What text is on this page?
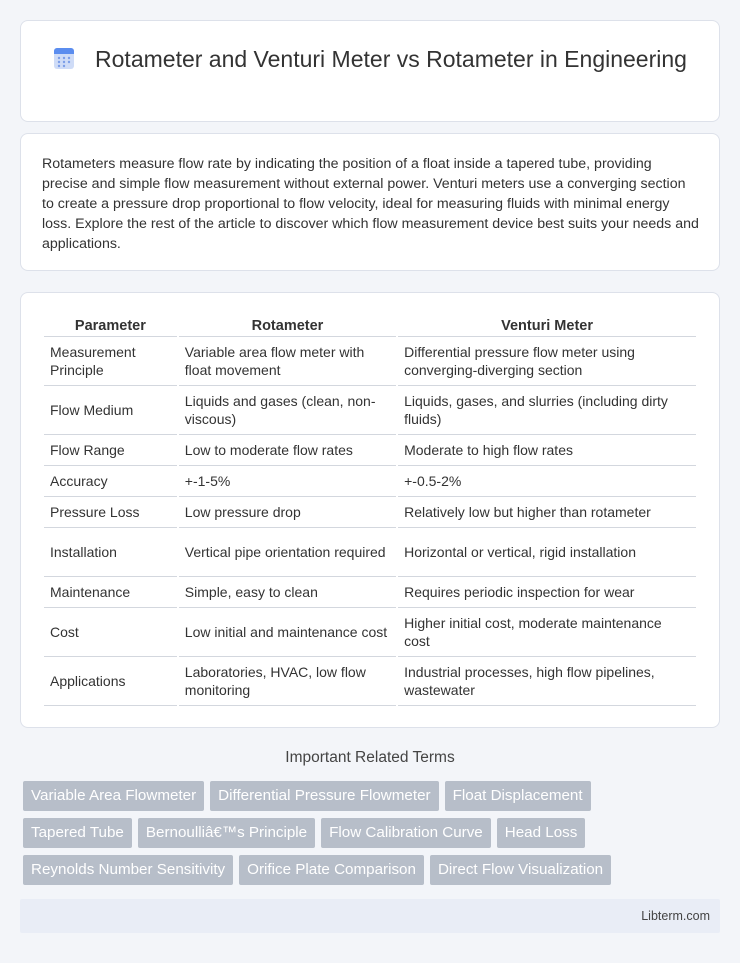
Rotameter and Venturi Meter vs Rotameter in Engineering

Rotameters measure flow rate by indicating the position of a float inside a tapered tube, providing precise and simple flow measurement without external power. Venturi meters use a converging section to create a pressure drop proportional to flow velocity, ideal for measuring fluids with minimal energy loss. Explore the rest of the article to discover which flow measurement device best suits your needs and applications.

Parameter	Rotameter	Venturi Meter
Measurement Principle	Variable area flow meter with float movement	Differential pressure flow meter using converging-diverging section
Flow Medium	Liquids and gases (clean, non-viscous)	Liquids, gases, and slurries (including dirty fluids)
Flow Range	Low to moderate flow rates	Moderate to high flow rates
Accuracy	+-1-5%	+-0.5-2%
Pressure Loss	Low pressure drop	Relatively low but higher than rotameter
Installation	Vertical pipe orientation required	Horizontal or vertical, rigid installation
Maintenance	Simple, easy to clean	Requires periodic inspection for wear
Cost	Low initial and maintenance cost	Higher initial cost, moderate maintenance cost
Applications	Laboratories, HVAC, low flow monitoring	Industrial processes, high flow pipelines, wastewater
Important Related Terms
Variable Area Flowmeter	Differential Pressure Flowmeter	Float Displacement
Tapered Tube	Bernoulliâ€™s Principle	Flow Calibration Curve	Head Loss
Reynolds Number Sensitivity	Orifice Plate Comparison	Direct Flow Visualization
Libterm.com
